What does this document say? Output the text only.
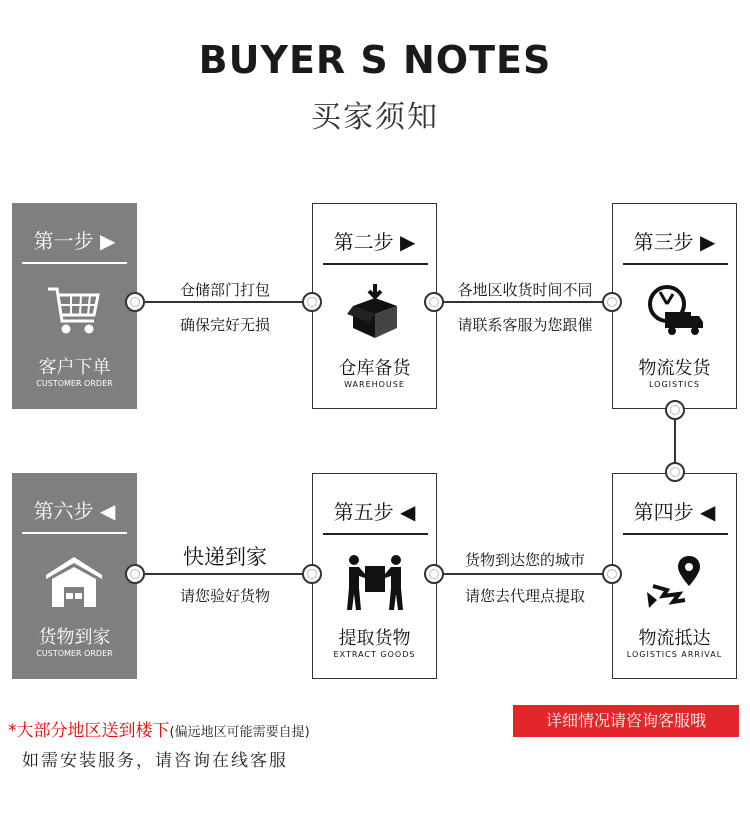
BUYER S NOTES
买家须知
第一步 ▶
客户下单
CUSTOMER ORDER
第二步 ▶
仓库备货
WAREHOUSE
第三步 ▶
物流发货
LOGISTICS
第六步 ◀
货物到家
CUSTOMER ORDER
第五步 ◀
提取货物
EXTRACT GOODS
第四步 ◀
物流抵达
LOGISTICS ARRIVAL
仓储部门打包
确保完好无损
各地区收货时间不同
请联系客服为您跟催
货物到达您的城市
请您去代理点提取
快递到家
请您验好货物
*大部分地区送到楼下(偏远地区可能需要自提)
如需安装服务，请咨询在线客服
详细情况请咨询客服哦
